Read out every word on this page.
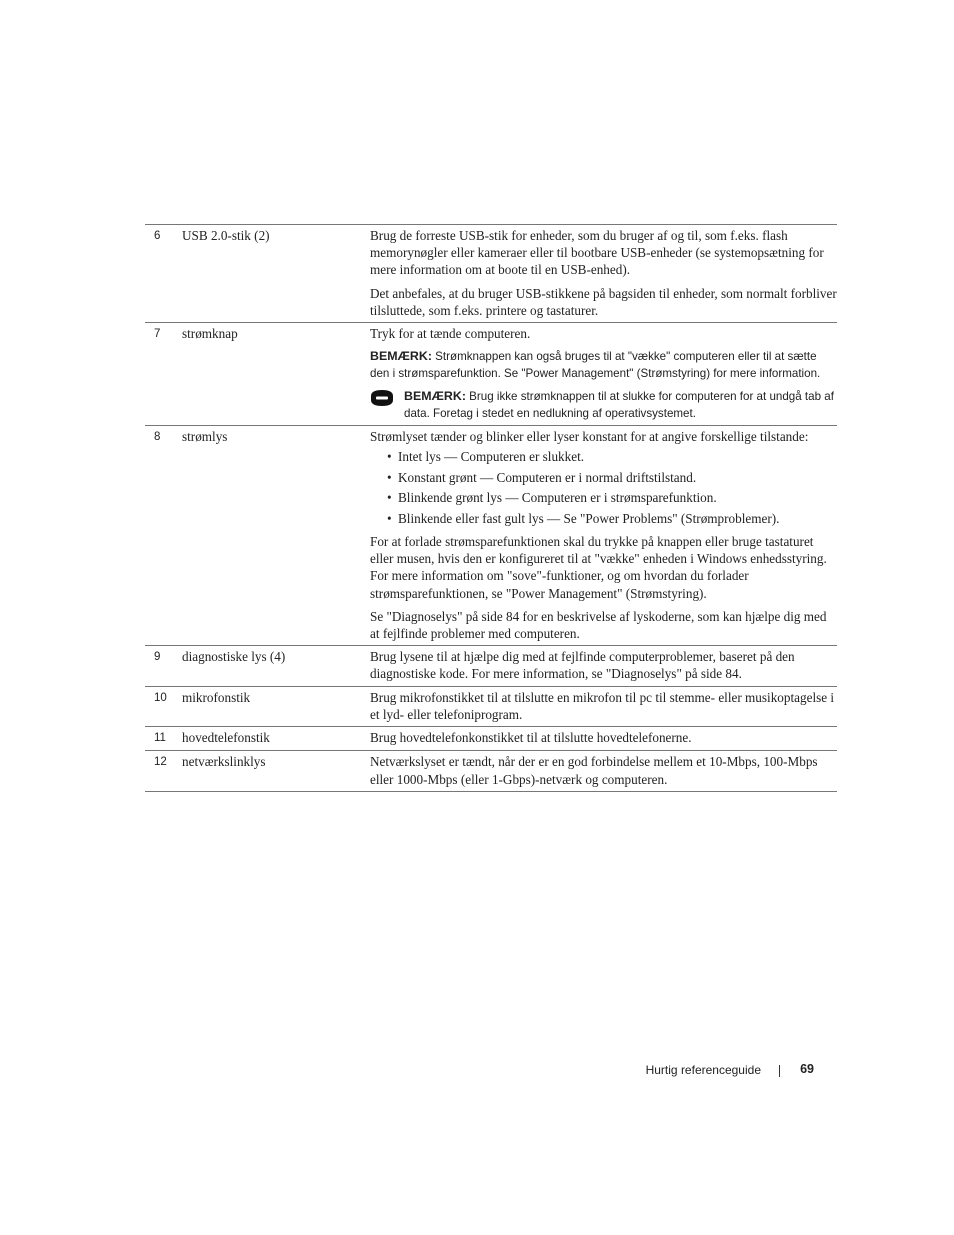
6	USB 2.0-stik (2)	Brug de forreste USB-stik for enheder, som du bruger af og til, som f.eks. flash memorynøgler eller kameraer eller til bootbare USB-enheder (se systemopsætning for mere information om at boote til en USB-enhed).

Det anbefales, at du bruger USB-stikkene på bagsiden til enheder, som normalt forbliver tilsluttede, som f.eks. printere og tastaturer.

7	strømknap	Tryk for at tænde computeren.

BEMÆRK: Strømknappen kan også bruges til at "vække" computeren eller til at sætte den i strømsparefunktion. Se "Power Management" (Strømstyring) for mere information.
BEMÆRK: Brug ikke strømknappen til at slukke for computeren for at undgå tab af data. Foretag i stedet en nedlukning af operativsystemet.
8	strømlys	Strømlyset tænder og blinker eller lyser konstant for at angive forskellige tilstande:

• Intet lys — Computeren er slukket.
• Konstant grønt — Computeren er i normal driftstilstand.
• Blinkende grønt lys — Computeren er i strømsparefunktion.
• Blinkende eller fast gult lys — Se "Power Problems" (Strømproblemer).

For at forlade strømsparefunktionen skal du trykke på knappen eller bruge tastaturet eller musen, hvis den er konfigureret til at "vække" enheden i Windows enhedsstyring. For mere information om "sove"-funktioner, og om hvordan du forlader strømsparefunktionen, se "Power Management" (Strømstyring).

Se "Diagnoselys" på side 84 for en beskrivelse af lyskoderne, som kan hjælpe dig med at fejlfinde problemer med computeren.

9	diagnostiske lys (4)	Brug lysene til at hjælpe dig med at fejlfinde computerproblemer, baseret på den diagnostiske kode. For mere information, se "Diagnoselys" på side 84.

10	mikrofonstik	Brug mikrofonstikket til at tilslutte en mikrofon til pc til stemme- eller musikoptagelse i et lyd- eller telefoniprogram.

11	hovedtelefonstik	Brug hovedtelefonkonstikket til at tilslutte hovedtelefonerne.

12	netværkslinklys	Netværkslyset er tændt, når der er en god forbindelse mellem et 10-Mbps, 100-Mbps eller 1000-Mbps (eller 1-Gbps)-netværk og computeren.

Hurtig referenceguide	69
